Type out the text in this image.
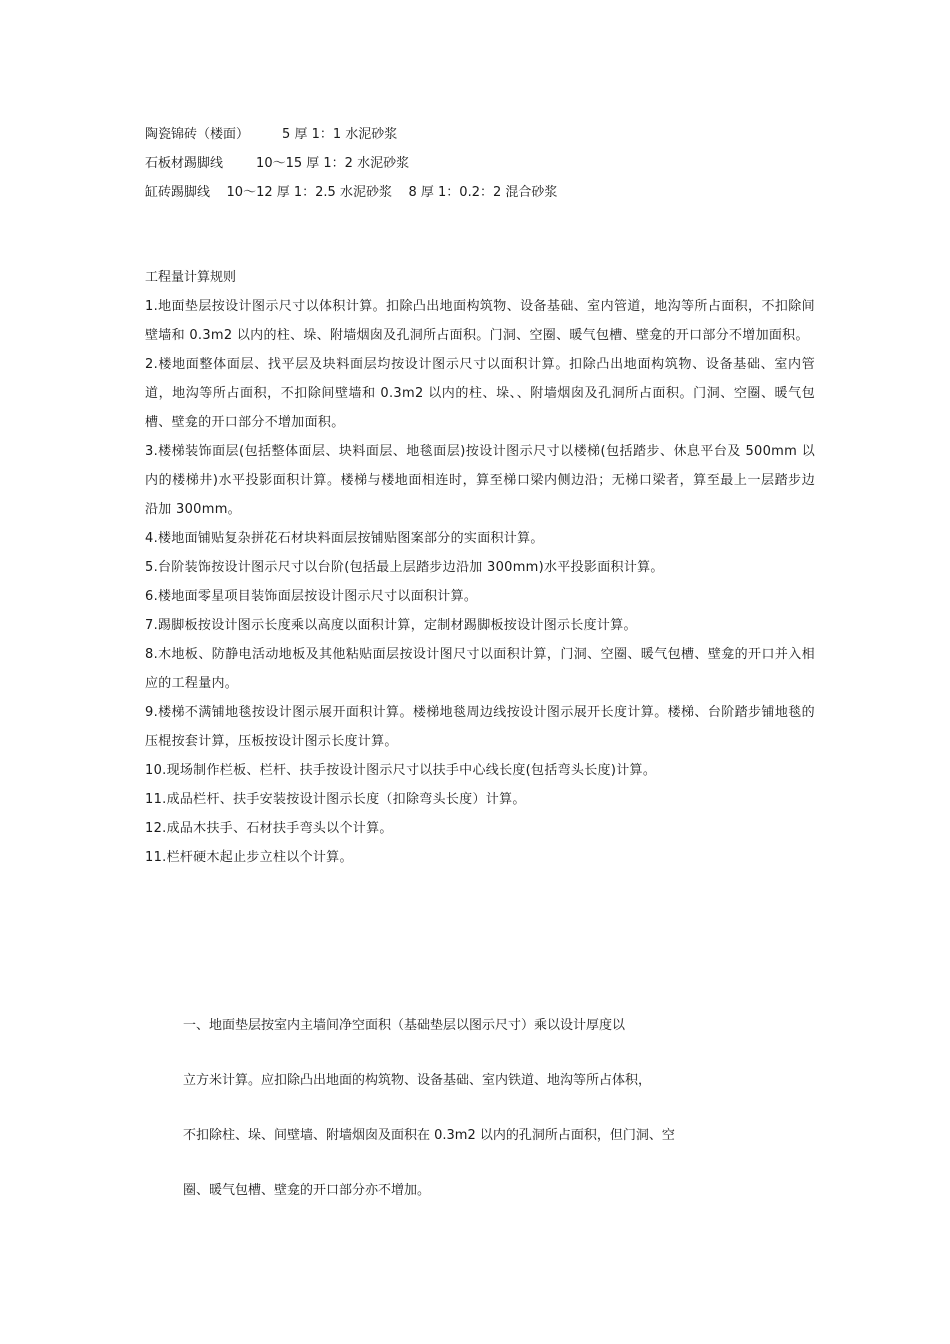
陶瓷锦砖（楼面）        5 厚 1：1 水泥砂浆

石板材踢脚线        10～15 厚 1：2 水泥砂浆

缸砖踢脚线    10～12 厚 1：2.5 水泥砂浆    8 厚 1：0.2：2 混合砂浆

工程量计算规则

1.地面垫层按设计图示尺寸以体积计算。扣除凸出地面构筑物、设备基础、室内管道，地沟等所占面积，不扣除间壁墙和 0.3m2 以内的柱、垛、附墙烟囱及孔洞所占面积。门洞、空圈、暖气包槽、壁龛的开口部分不增加面积。

2.楼地面整体面层、找平层及块料面层均按设计图示尺寸以面积计算。扣除凸出地面构筑物、设备基础、室内管道，地沟等所占面积，不扣除间壁墙和 0.3m2 以内的柱、垛、、附墙烟囱及孔洞所占面积。门洞、空圈、暖气包槽、壁龛的开口部分不增加面积。

3.楼梯装饰面层(包括整体面层、块料面层、地毯面层)按设计图示尺寸以楼梯(包括踏步、休息平台及 500mm 以内的楼梯井)水平投影面积计算。楼梯与楼地面相连时，算至梯口梁内侧边沿；无梯口梁者，算至最上一层踏步边沿加 300mm。

4.楼地面铺贴复杂拼花石材块料面层按铺贴图案部分的实面积计算。

5.台阶装饰按设计图示尺寸以台阶(包括最上层踏步边沿加 300mm)水平投影面积计算。

6.楼地面零星项目装饰面层按设计图示尺寸以面积计算。

7.踢脚板按设计图示长度乘以高度以面积计算，定制材踢脚板按设计图示长度计算。

8.木地板、防静电活动地板及其他粘贴面层按设计图尺寸以面积计算，门洞、空圈、暖气包槽、壁龛的开口并入相应的工程量内。

9.楼梯不满铺地毯按设计图示展开面积计算。楼梯地毯周边线按设计图示展开长度计算。楼梯、台阶踏步铺地毯的压棍按套计算，压板按设计图示长度计算。

10.现场制作栏板、栏杆、扶手按设计图示尺寸以扶手中心线长度(包括弯头长度)计算。

11.成品栏杆、扶手安装按设计图示长度（扣除弯头长度）计算。

12.成品木扶手、石材扶手弯头以个计算。

11.栏杆硬木起止步立柱以个计算。

一、地面垫层按室内主墙间净空面积（基础垫层以图示尺寸）乘以设计厚度以

立方米计算。应扣除凸出地面的构筑物、设备基础、室内铁道、地沟等所占体积，

不扣除柱、垛、间壁墙、附墙烟囱及面积在 0.3m2 以内的孔洞所占面积，但门洞、空

圈、暖气包槽、壁龛的开口部分亦不增加。
